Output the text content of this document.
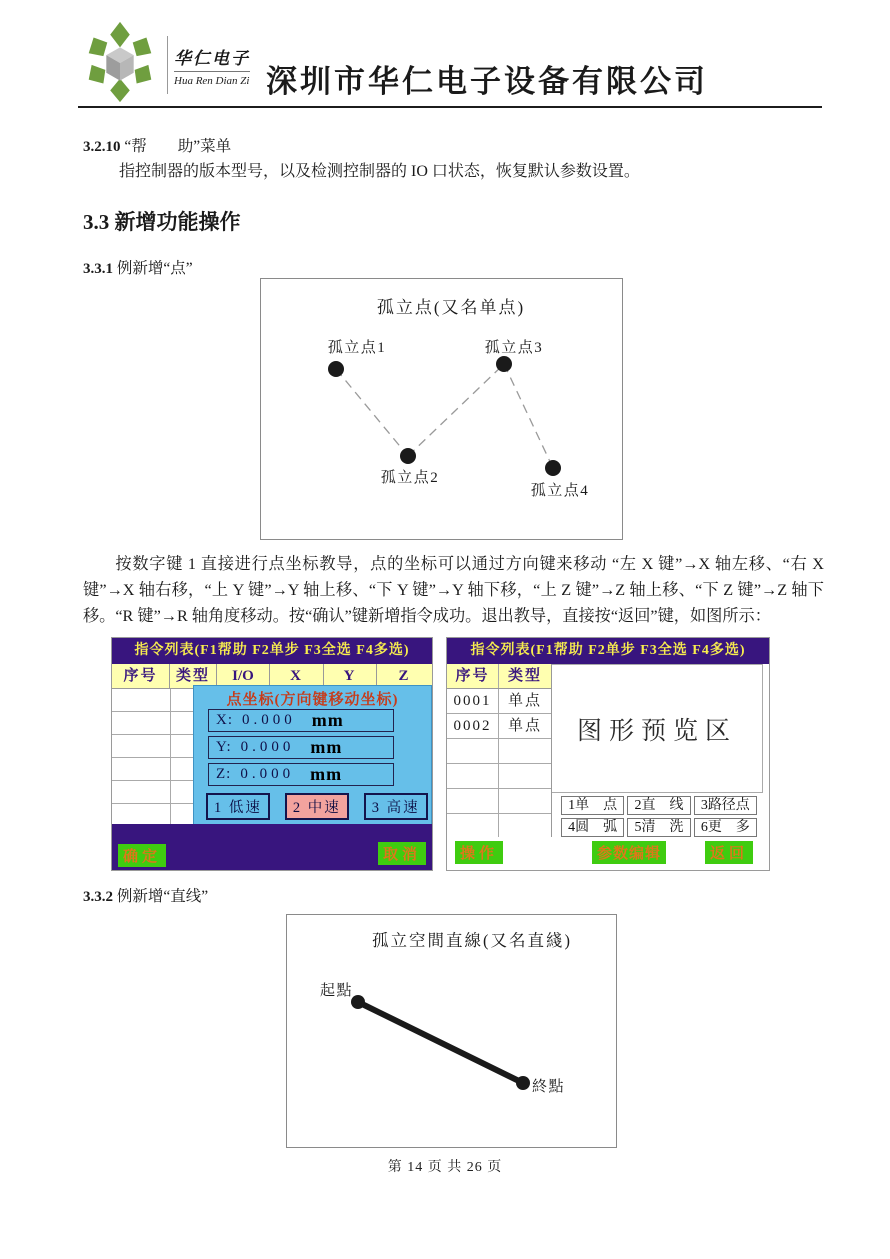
华仁电子
Hua Ren Dian Zi 深圳市华仁电子设备有限公司
3.2.10 “帮　　助”菜单
指控制器的版本型号，以及检测控制器的 IO 口状态，恢复默认参数设置。
3.3 新增功能操作
3.3.1 例新增“点”
孤立点(又名单点)
孤立点1
孤立点2
孤立点3
孤立点4
按数字键 1 直接进行点坐标教导，点的坐标可以通过方向键来移动 “左 X 键”→X 轴左移、“右 X 键”→X 轴右移，“上 Y 键”→Y 轴上移、“下 Y 键”→Y 轴下移，“上 Z 键”→Z 轴上移、“下 Z 键”→Z 轴下移。“R 键”→R 轴角度移动。按“确认”键新增指令成功。退出教导，直接按“返回”键，如图所示：
指令列表(F1帮助 F2单步 F3全选 F4多选)
序号	类型	I/O	X	Y	Z
点坐标(方向键移动坐标)
X: 0.000 mm
Y: 0.000 mm
Z: 0.000 mm
1 低速	2 中速	3 高速
确定	取消
指令列表(F1帮助 F2单步 F3全选 F4多选)
序号	类型
0001	单点
0002	单点	图形预览区
1单　点	2直　线	3路径点
4圆　弧	5清　洗	6更　多
操作	参数编辑	返回
3.3.2 例新增“直线”
孤立空間直線(又名直綫)
起點
終點
第 14 页 共 26 页
